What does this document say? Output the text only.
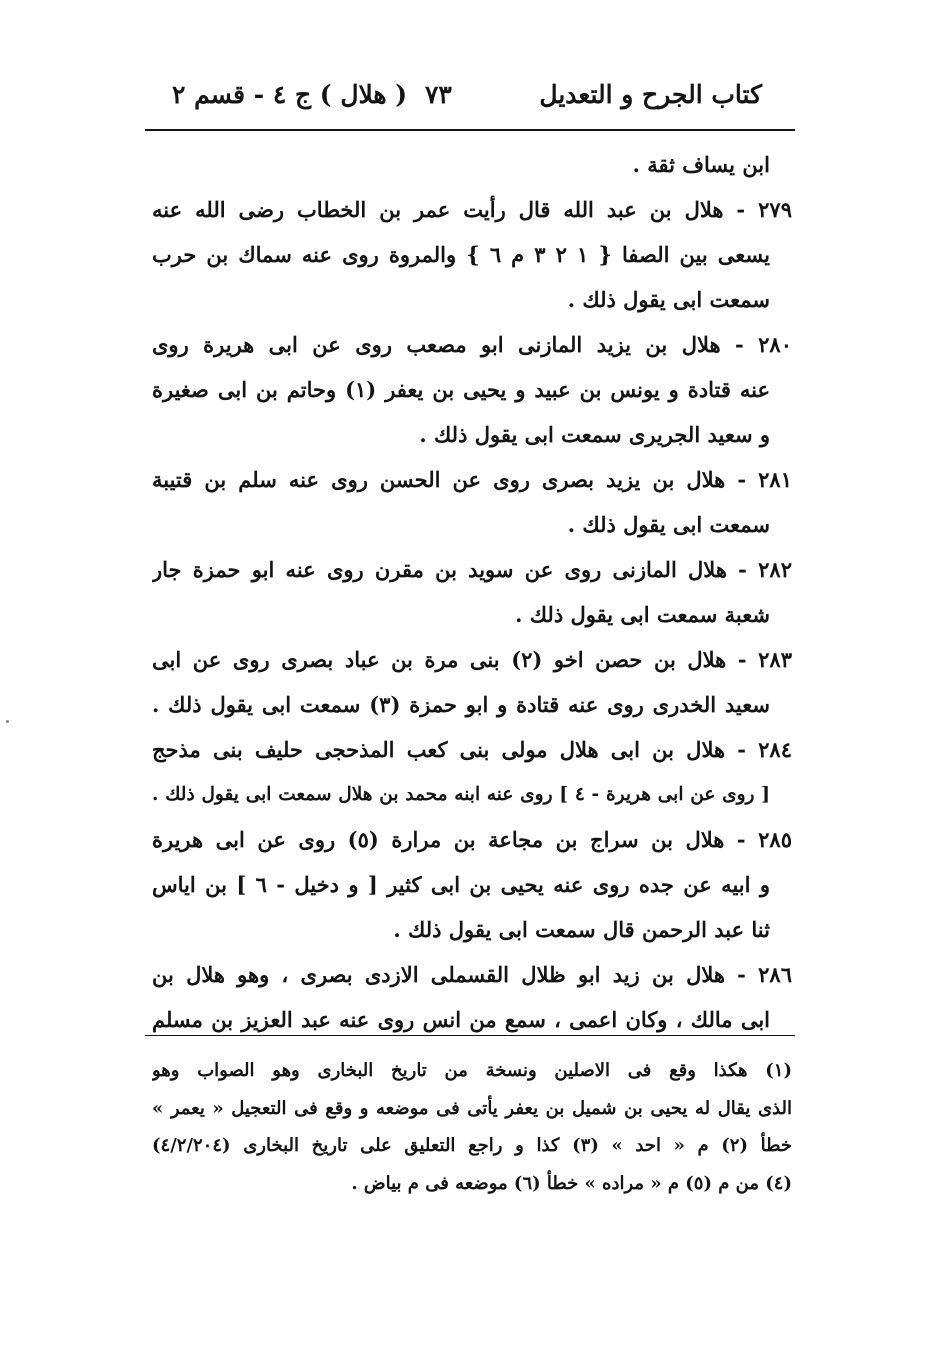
كتاب الجرح و التعديل
٧٣
( هلال ) ج ٤ - قسم ٢
ابن يساف ثقة .
٢٧٩ - هلال بن عبد الله قال رأيت عمر بن الخطاب رضى الله عنه
يسعى بين الصفا { ١ ٢ ٣ م ٦ } والمروة روى عنه سماك بن حرب
سمعت ابى يقول ذلك .
٢٨٠ - هلال بن يزيد المازنى ابو مصعب روى عن ابى هريرة روى
عنه قتادة و يونس بن عبيد و يحيى بن يعفر (١) وحاتم بن ابى صغيرة
و سعيد الجريرى سمعت ابى يقول ذلك .
٢٨١ - هلال بن يزيد بصرى روى عن الحسن روى عنه سلم بن قتيبة
سمعت ابى يقول ذلك .
٢٨٢ - هلال المازنى روى عن سويد بن مقرن روى عنه ابو حمزة جار
شعبة سمعت ابى يقول ذلك .
٢٨٣ - هلال بن حصن اخو (٢) بنى مرة بن عباد بصرى روى عن ابى
سعيد الخدرى روى عنه قتادة و ابو حمزة (٣) سمعت ابى يقول ذلك .
٢٨٤ - هلال بن ابى هلال مولى بنى كعب المذحجى حليف بنى مذحج
[ روى عن ابى هريرة - ٤ ] روى عنه ابنه محمد بن هلال سمعت ابى يقول ذلك .
٢٨٥ - هلال بن سراج بن مجاعة بن مرارة (٥) روى عن ابى هريرة
و ابيه عن جده روى عنه يحيى بن ابى كثير [ و دخيل - ٦ ] بن اياس
ثنا عبد الرحمن قال سمعت ابى يقول ذلك .
٢٨٦ - هلال بن زيد ابو ظلال القسملى الازدى بصرى ، وهو هلال بن
ابى مالك ، وكان اعمى ، سمع من انس روى عنه عبد العزيز بن مسلم
(١) هكذا وقع فى الاصلين ونسخة من تاريخ البخارى وهو الصواب وهو
الذى يقال له يحيى بن شميل بن يعفر يأتى فى موضعه و وقع فى التعجيل « يعمر »
خطأ (٢) م « احد » (٣) كذا و راجع التعليق على تاريخ البخارى (٤/٢/٢٠٤)
(٤) من م (٥) م « مراده » خطأ (٦) موضعه فى م بياض .
